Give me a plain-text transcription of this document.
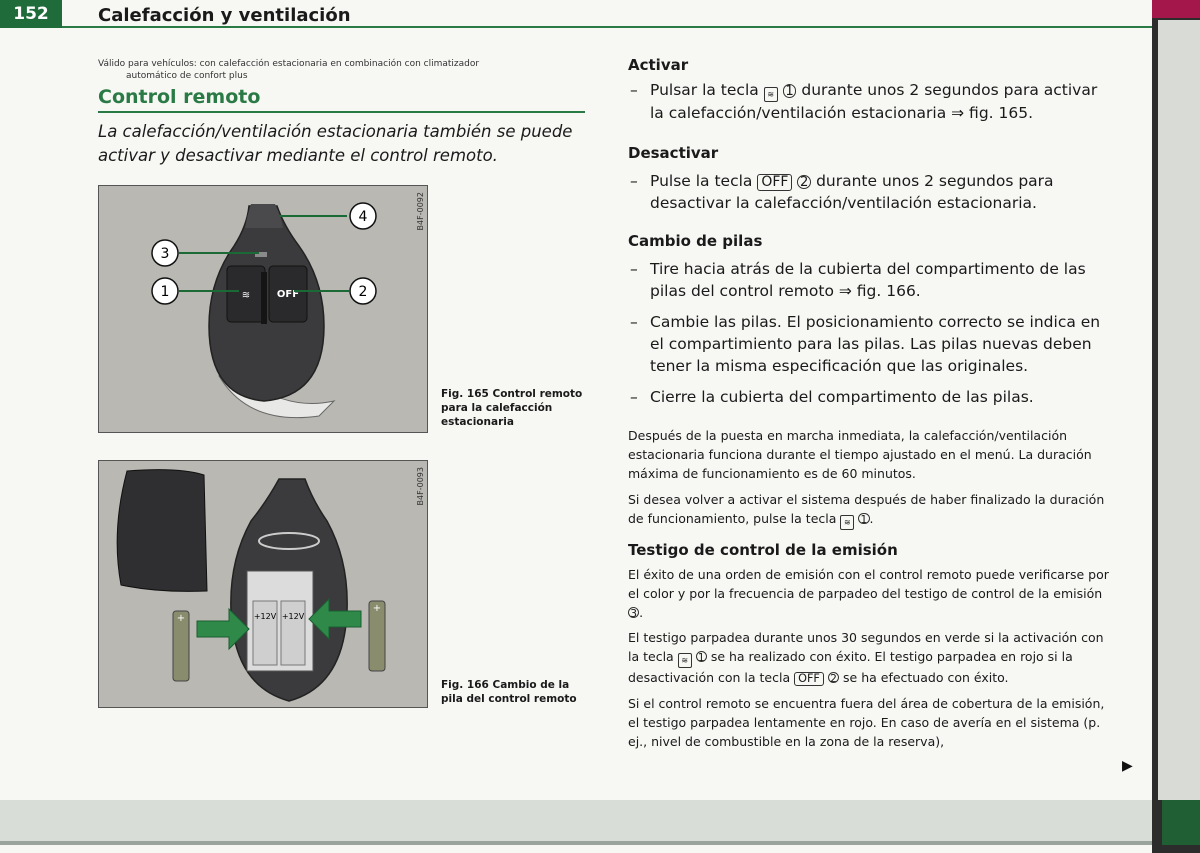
152	Calefacción y ventilación
Válido para vehículos: con calefacción estacionaria en combinación con climatizador
automático de confort plus
Control remoto
La calefacción/ventilación estacionaria también se puede activar y desactivar mediante el control remoto.
≋	OFF
3
1
4
2
B4F-0092
Fig. 165 Control remoto para la calefacción estacionaria
+12V +12V
+
+
B4F-0093
Fig. 166 Cambio de la pila del control remoto
Activar
– Pulsar la tecla ≋ 1 durante unos 2 segundos para activar la calefacción/ventilación estacionaria ⇒ fig. 165.
Desactivar
– Pulse la tecla OFF 2 durante unos 2 segundos para desactivar la calefacción/ventilación estacionaria.
Cambio de pilas
– Tire hacia atrás de la cubierta del compartimento de las pilas del control remoto ⇒ fig. 166.
– Cambie las pilas. El posicionamiento correcto se indica en el compartimiento para las pilas. Las pilas nuevas deben tener la misma especificación que las originales.
– Cierre la cubierta del compartimento de las pilas.
Después de la puesta en marcha inmediata, la calefacción/ventilación estacionaria funciona durante el tiempo ajustado en el menú. La duración máxima de funcionamiento es de 60 minutos.
Si desea volver a activar el sistema después de haber finalizado la duración de funcionamiento, pulse la tecla ≋ 1 .
Testigo de control de la emisión
El éxito de una orden de emisión con el control remoto puede verificarse por el color y por la frecuencia de parpadeo del testigo de control de la emisión 3 .
El testigo parpadea durante unos 30 segundos en verde si la activación con la tecla ≋ 1 se ha realizado con éxito. El testigo parpadea en rojo si la desactivación con la tecla OFF 2 se ha efectuado con éxito.
Si el control remoto se encuentra fuera del área de cobertura de la emisión, el testigo parpadea lentamente en rojo. En caso de avería en el sistema (p. ej., nivel de combustible en la zona de la reserva),
▶
